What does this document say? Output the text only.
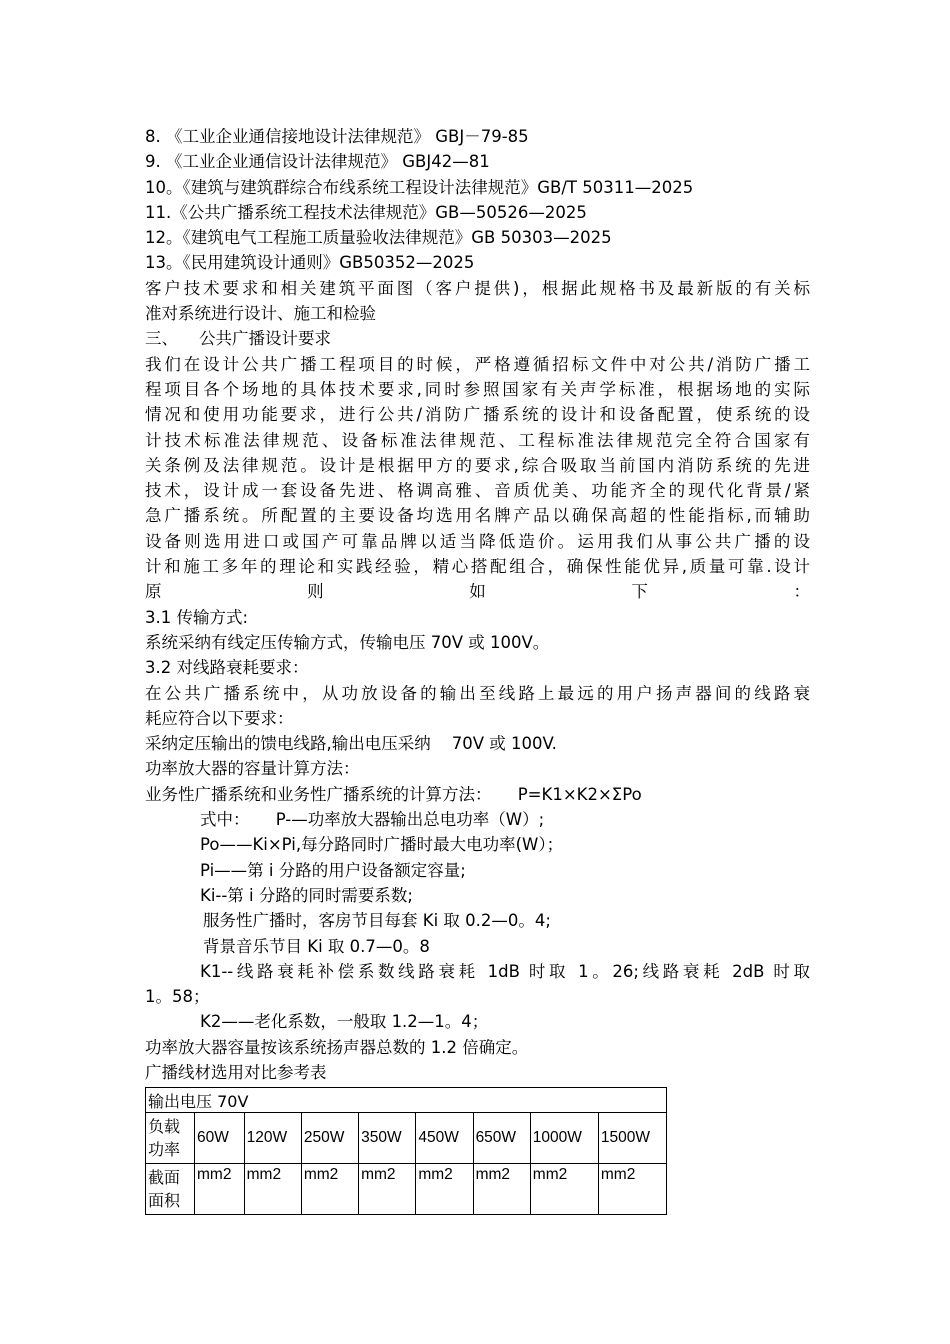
8. 《工业企业通信接地设计法律规范》 GBJ－79-85
9. 《工业企业通信设计法律规范》 GBJ42—81
10。《建筑与建筑群综合布线系统工程设计法律规范》GB/T 50311—2025
11.《公共广播系统工程技术法律规范》GB—50526—2025
12。《建筑电气工程施工质量验收法律规范》GB 50303—2025
13。《民用建筑设计通则》GB50352—2025
客户技术要求和相关建筑平面图（客户提供)，根据此规格书及最新版的有关标
准对系统进行设计、施工和检验
三、    公共广播设计要求
我们在设计公共广播工程项目的时候，严格遵循招标文件中对公共/消防广播工
程项目各个场地的具体技术要求,同时参照国家有关声学标准，根据场地的实际
情况和使用功能要求，进行公共/消防广播系统的设计和设备配置，使系统的设
计技术标准法律规范、设备标准法律规范、工程标准法律规范完全符合国家有
关条例及法律规范。设计是根据甲方的要求,综合吸取当前国内消防系统的先进
技术，设计成一套设备先进、格调高雅、音质优美、功能齐全的现代化背景/紧
急广播系统。所配置的主要设备均选用名牌产品以确保高超的性能指标,而辅助
设备则选用进口或国产可靠品牌以适当降低造价。运用我们从事公共广播的设
计和施工多年的理论和实践经验，精心搭配组合，确保性能优异,质量可靠.设计
原则如下：
3.1 传输方式:
系统采纳有线定压传输方式，传输电压 70V 或 100V。
3.2 对线路衰耗要求：
在公共广播系统中，从功放设备的输出至线路上最远的用户扬声器间的线路衰
耗应符合以下要求：
采纳定压输出的馈电线路,输出电压采纳    70V 或 100V.
功率放大器的容量计算方法：
业务性广播系统和业务性广播系统的计算方法：     P=K1×K2×ΣPo
式中：     P-—功率放大器输出总电功率（W）;
Po——Ki×Pi,每分路同时广播时最大电功率(W）；
Pi——第 i 分路的用户设备额定容量;
Ki--第 i 分路的同时需要系数;
服务性广播时，客房节目每套 Ki 取 0.2—0。4;
背景音乐节目 Ki 取 0.7—0。8
K1--线路衰耗补偿系数线路衰耗 1dB 时取 1。26;线路衰耗 2dB 时取
1。58；
K2——老化系数，一般取 1.2—1。4；
功率放大器容量按该系统扬声器总数的 1.2 倍确定。
广播线材选用对比参考表
输出电压 70V								
负载功率	60W	120W	250W	350W	450W	650W	1000W	1500W
截面面积	mm2	mm2	mm2	mm2	mm2	mm2	mm2	mm2
